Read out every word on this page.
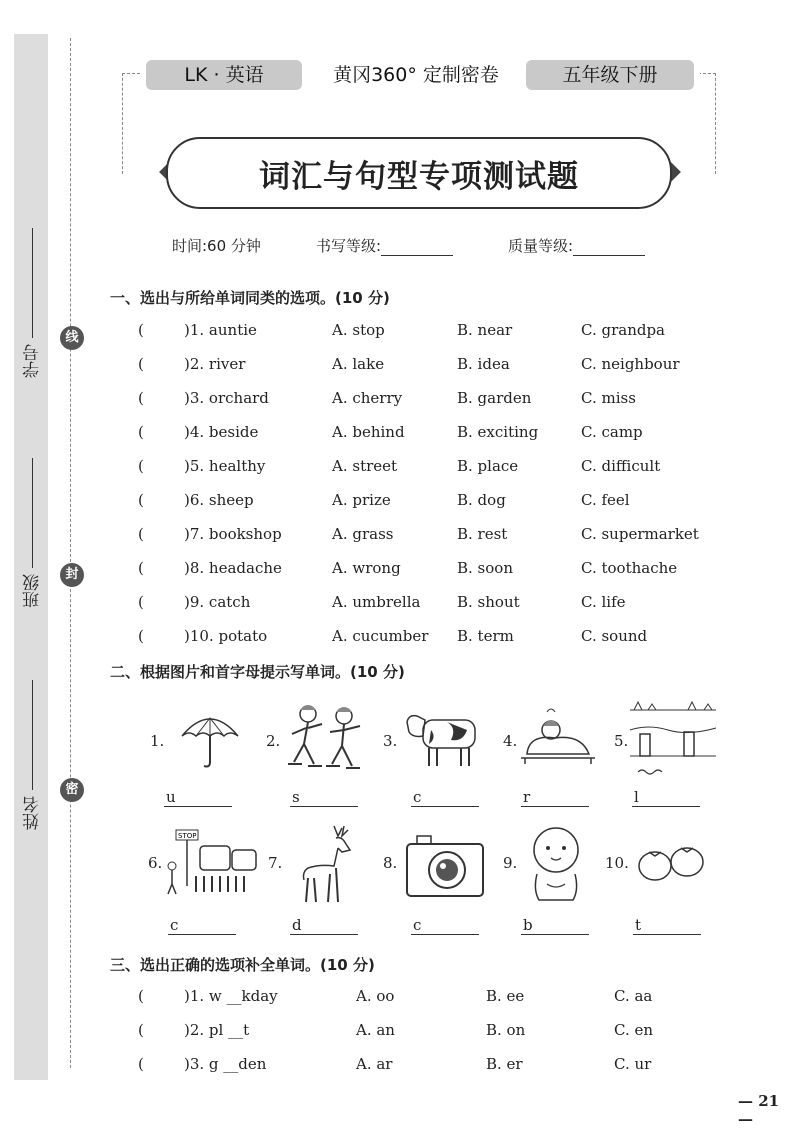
学号
班级
姓名
线
封
密
LK · 英语	黄冈360° 定制密卷	五年级下册
词汇与句型专项测试题
时间:60 分钟	书写等级:	质量等级:
一、选出与所给单词同类的选项。(10 分)
(	)1. auntie	A. stop	B. near	C. grandpa
(	)2. river	A. lake	B. idea	C. neighbour
(	)3. orchard	A. cherry	B. garden	C. miss
(	)4. beside	A. behind	B. exciting	C. camp
(	)5. healthy	A. street	B. place	C. difficult
(	)6. sheep	A. prize	B. dog	C. feel
(	)7. bookshop	A. grass	B. rest	C. supermarket
(	)8. headache	A. wrong	B. soon	C. toothache
(	)9. catch	A. umbrella B. shout	C. life
(	)10. potato	A. cucumber B. term	C. sound
二、根据图片和首字母提示写单词。(10 分)
1.
u
2.
s
3.
c
4.
r
5.
l
6.
STOP
c
7.
d
8.
c
9.
b
10.
t
三、选出正确的选项补全单词。(10 分)
(	)1. w __kday	A. oo	B. ee	C. aa
(	)2. pl __t	A. an	B. on	C. en
(	)3. g __den	A. ar	B. er	C. ur
— 21 —
